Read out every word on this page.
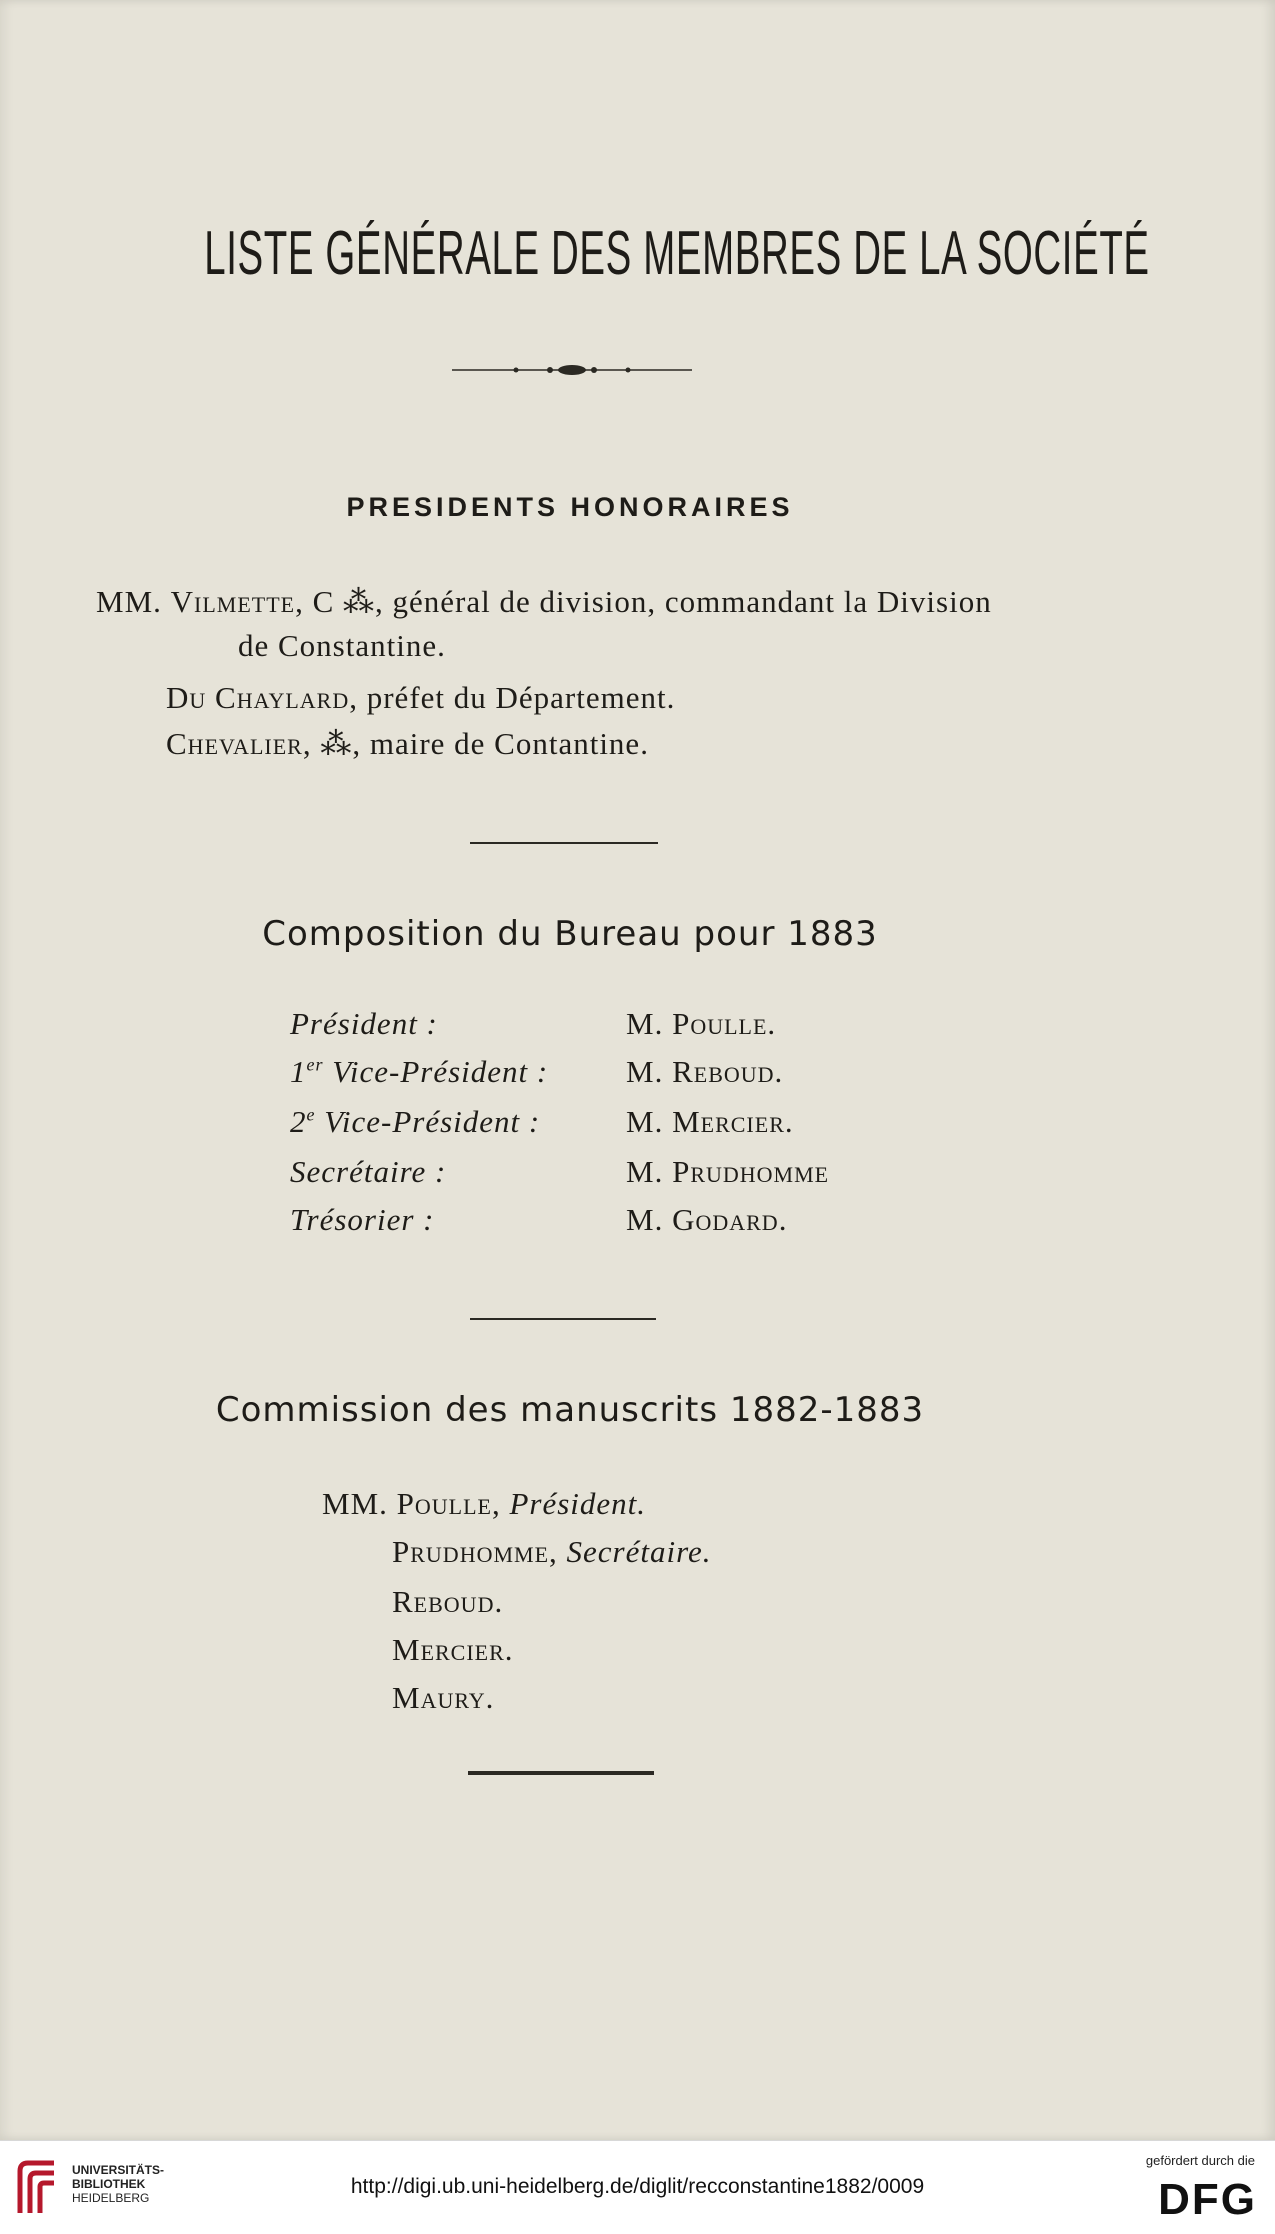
LISTE GÉNÉRALE DES MEMBRES DE LA SOCIÉTÉ
PRESIDENTS HONORAIRES
MM. Vilmette, C ⁂, général de division, commandant la Division
de Constantine.
Du Chaylard, préfet du Département.
Chevalier, ⁂, maire de Contantine.
Composition du Bureau pour 1883
Président :	M. Poulle.
1er Vice-Président :	M. Reboud.
2e Vice-Président :	M. Mercier.
Secrétaire :	M. Prudhomme
Trésorier :	M. Godard.
Commission des manuscrits 1882-1883
MM. Poulle, Président.
Prudhomme, Secrétaire.
Reboud.
Mercier.
Maury.
UNIVERSITÄTS-
BIBLIOTHEK
HEIDELBERG	http://digi.ub.uni-heidelberg.de/diglit/recconstantine1882/0009
gefördert durch die
DFG
